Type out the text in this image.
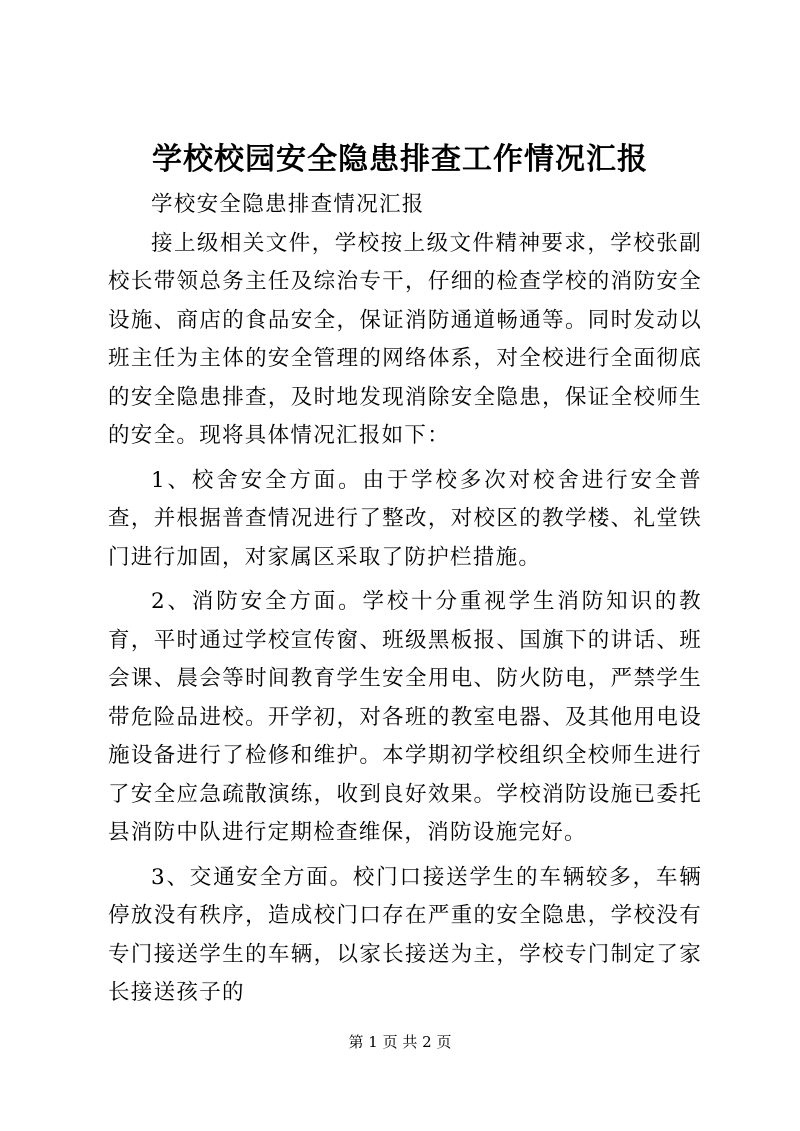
学校校园安全隐患排查工作情况汇报

学校安全隐患排查情况汇报

接上级相关文件，学校按上级文件精神要求，学校张副校长带领总务主任及综治专干，仔细的检查学校的消防安全设施、商店的食品安全，保证消防通道畅通等。同时发动以班主任为主体的安全管理的网络体系，对全校进行全面彻底的安全隐患排查，及时地发现消除安全隐患，保证全校师生的安全。现将具体情况汇报如下：

1、校舍安全方面。由于学校多次对校舍进行安全普查，并根据普查情况进行了整改，对校区的教学楼、礼堂铁门进行加固，对家属区采取了防护栏措施。

2、消防安全方面。学校十分重视学生消防知识的教育，平时通过学校宣传窗、班级黑板报、国旗下的讲话、班会课、晨会等时间教育学生安全用电、防火防电，严禁学生带危险品进校。开学初，对各班的教室电器、及其他用电设施设备进行了检修和维护。本学期初学校组织全校师生进行了安全应急疏散演练，收到良好效果。学校消防设施已委托县消防中队进行定期检查维保，消防设施完好。

3、交通安全方面。校门口接送学生的车辆较多，车辆停放没有秩序，造成校门口存在严重的安全隐患，学校没有专门接送学生的车辆，以家长接送为主，学校专门制定了家长接送孩子的

第 1 页 共 2 页
